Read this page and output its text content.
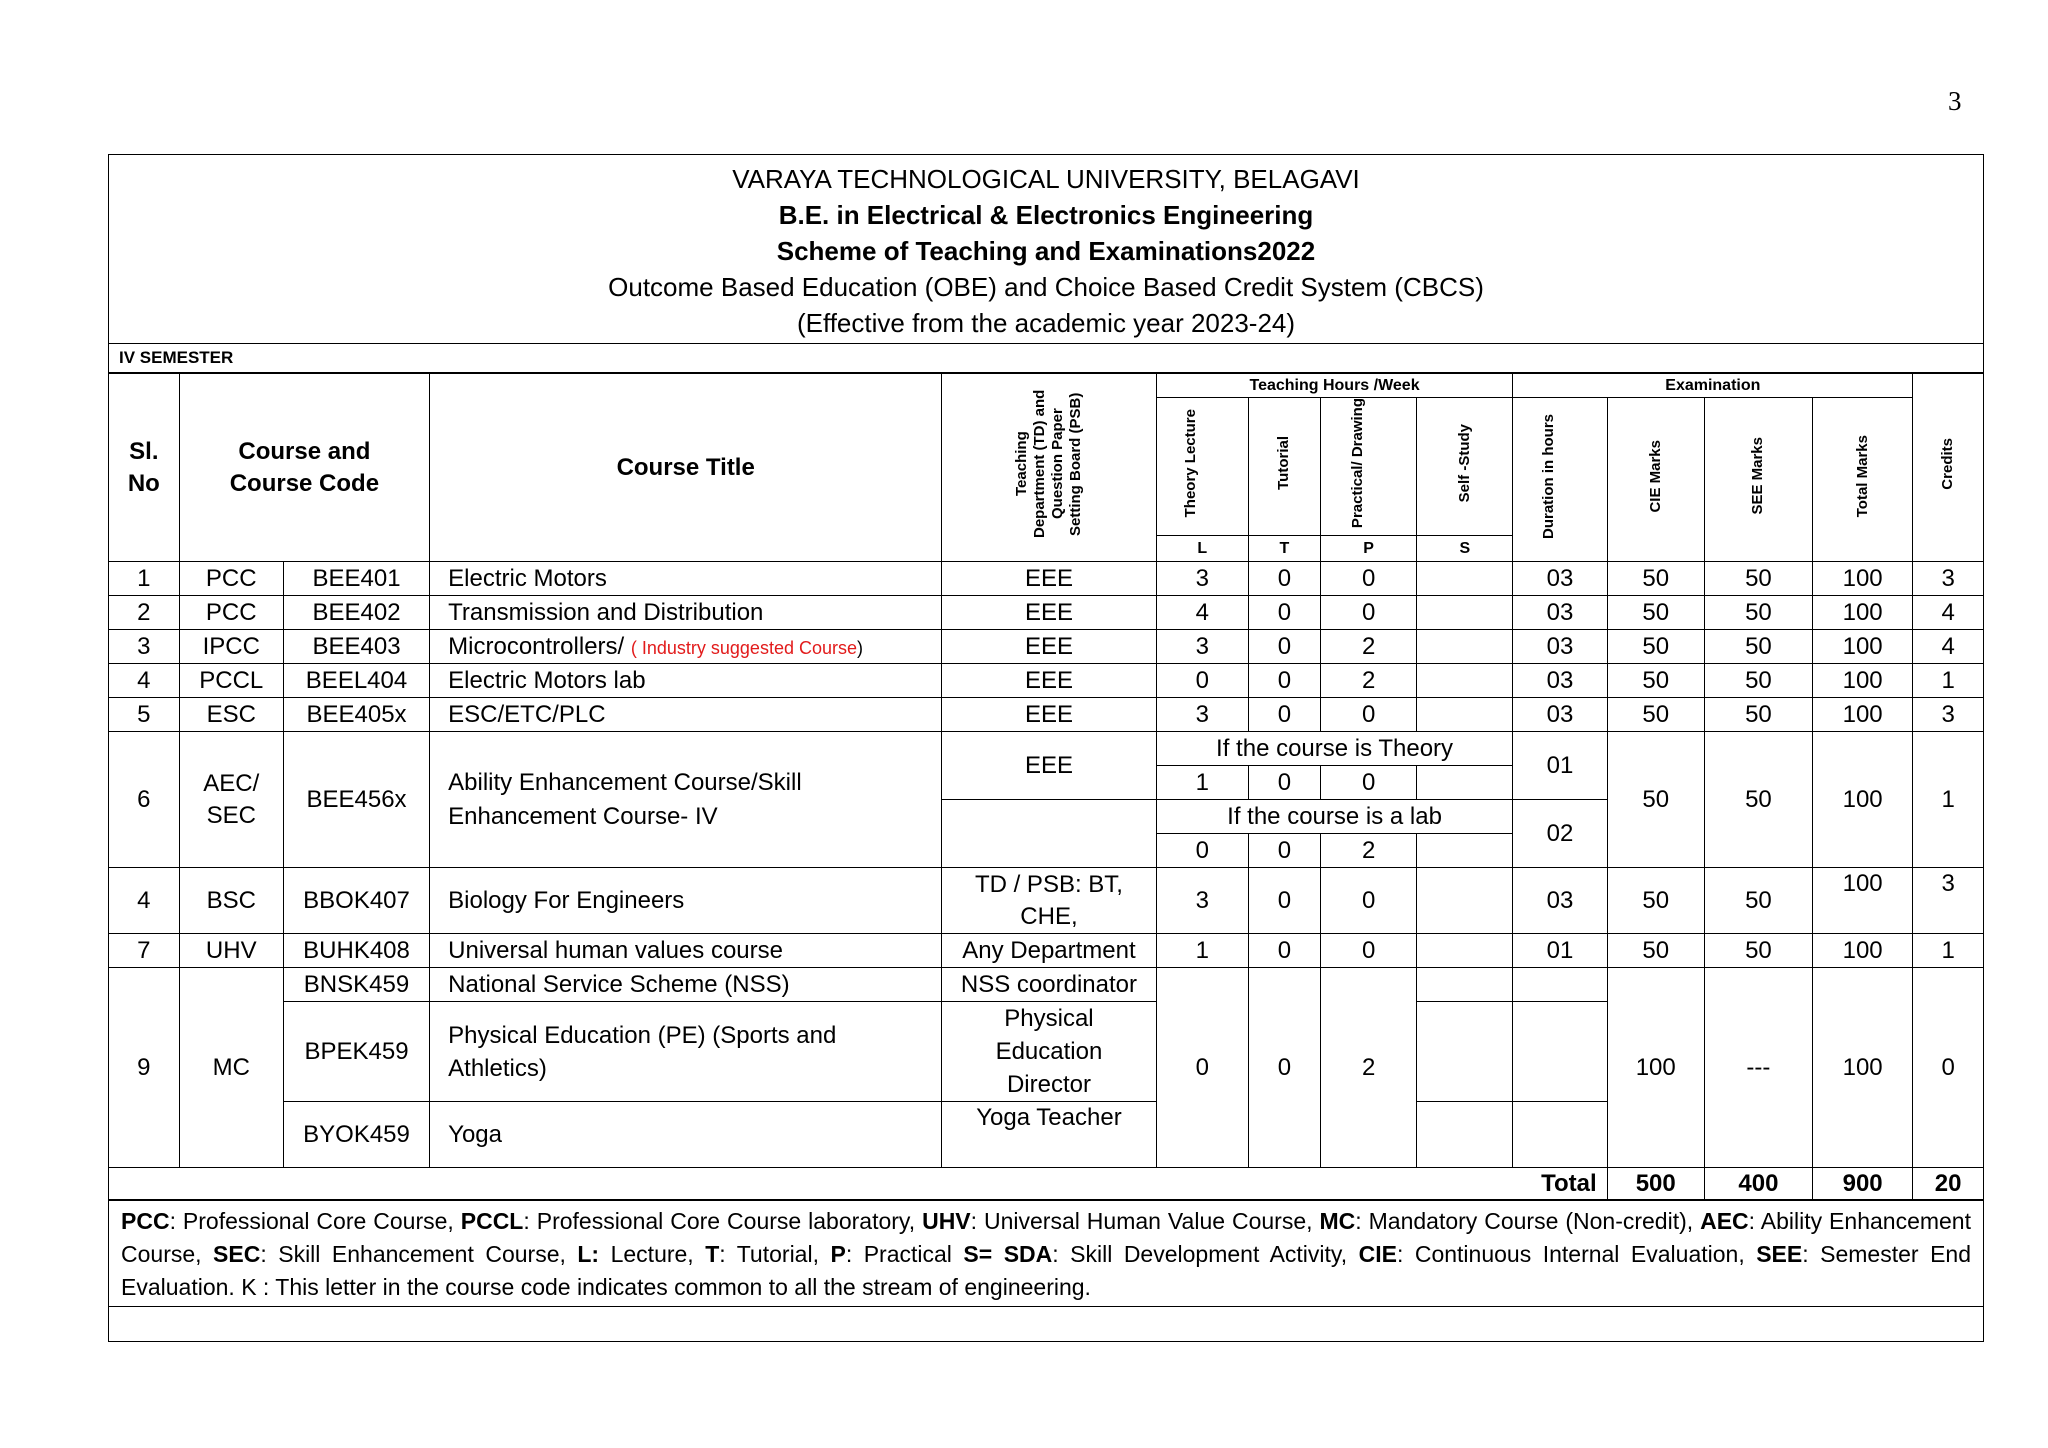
3
VARAYA TECHNOLOGICAL UNIVERSITY, BELAGAVI
B.E. in Electrical & Electronics Engineering
Scheme of Teaching and Examinations2022
Outcome Based Education (OBE) and Choice Based Credit System (CBCS)
(Effective from the academic year 2023-24)
IV SEMESTER
Sl. No	Course and Course Code		Course Title	Teaching Department (TD) and Question Paper Setting Board (PSB)	Teaching Hours /Week				Examination				Credits
					Theory Lecture	Tutorial	Practical/ Drawing	Self -Study	Duration in hours	CIE Marks	SEE Marks	Total Marks	
					L	T	P	S					
1	PCC	BEE401	Electric Motors	EEE	3	0	0		03	50	50	100	3
2	PCC	BEE402	Transmission and Distribution	EEE	4	0	0		03	50	50	100	4
3	IPCC	BEE403	Microcontrollers/ ( Industry suggested Course)	EEE	3	0	2		03	50	50	100	4
4	PCCL	BEEL404	Electric Motors lab	EEE	0	0	2		03	50	50	100	1
5	ESC	BEE405x	ESC/ETC/PLC	EEE	3	0	0		03	50	50	100	3
6	AEC/ SEC	BEE456x	Ability Enhancement Course/Skill Enhancement Course- IV	EEE	If the course is Theory				01	50	50	100	1
					1	0	0						
					If the course is a lab				02				
					0	0	2						
4	BSC	BBOK407	Biology For Engineers	TD / PSB: BT, CHE,	3	0	0		03	50	50	100	3
7	UHV	BUHK408	Universal human values course	Any Department	1	0	0		01	50	50	100	1
9	MC	BNSK459	National Service Scheme (NSS)	NSS coordinator	0	0	2			100	---	100	0
		BPEK459	Physical Education (PE) (Sports and Athletics)	Physical Education Director									
		BYOK459	Yoga	Yoga Teacher									
Total										500	400	900	20
PCC: Professional Core Course, PCCL: Professional Core Course laboratory, UHV: Universal Human Value Course, MC: Mandatory Course (Non-credit), AEC: Ability Enhancement Course, SEC: Skill Enhancement Course, L: Lecture, T: Tutorial, P: Practical S= SDA: Skill Development Activity, CIE: Continuous Internal Evaluation, SEE: Semester End Evaluation. K : This letter in the course code indicates common to all the stream of engineering.
